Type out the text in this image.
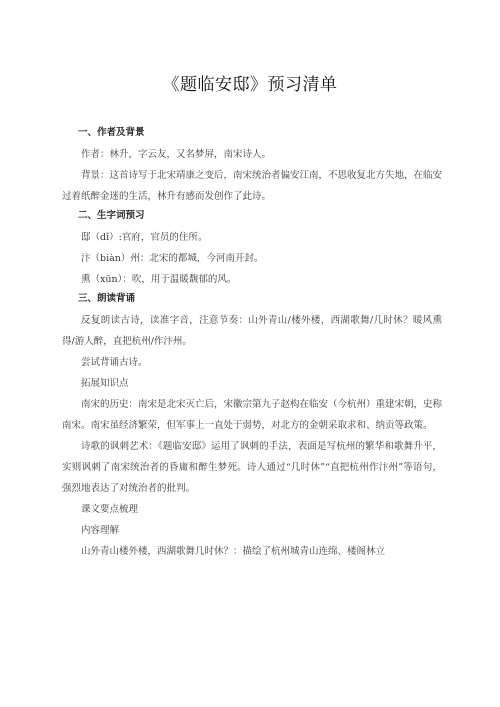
《题临安邸》预习清单
一、作者及背景

作者：林升，字云友，又名梦屏，南宋诗人。

背景：这首诗写于北宋靖康之变后，南宋统治者偏安江南，不思收复北方失地，在临安过着纸醉金迷的生活，林升有感而发创作了此诗。

二、生字词预习

邸（dǐ）:官府，官员的住所。

汴（biàn）州：北宋的都城，今河南开封。

熏（xūn）：吹，用于温暖馥郁的风。

三、朗读背诵

反复朗读古诗，读准字音，注意节奏：山外青山/楼外楼，西湖歌舞/几时休？暖风熏得/游人醉，直把杭州/作汴州。

尝试背诵古诗。

拓展知识点

南宋的历史：南宋是北宋灭亡后，宋徽宗第九子赵构在临安（今杭州）重建宋朝，史称南宋。南宋虽经济繁荣，但军事上一直处于弱势，对北方的金朝采取求和、纳贡等政策。

诗歌的讽刺艺术：《题临安邸》运用了讽刺的手法，表面是写杭州的繁华和歌舞升平，实则讽刺了南宋统治者的昏庸和醉生梦死。诗人通过“几时休”“直把杭州作汴州”等语句，强烈地表达了对统治者的批判。

课文要点梳理

内容理解

山外青山楼外楼，西湖歌舞几时休？：描绘了杭州城青山连绵、楼阁林立
